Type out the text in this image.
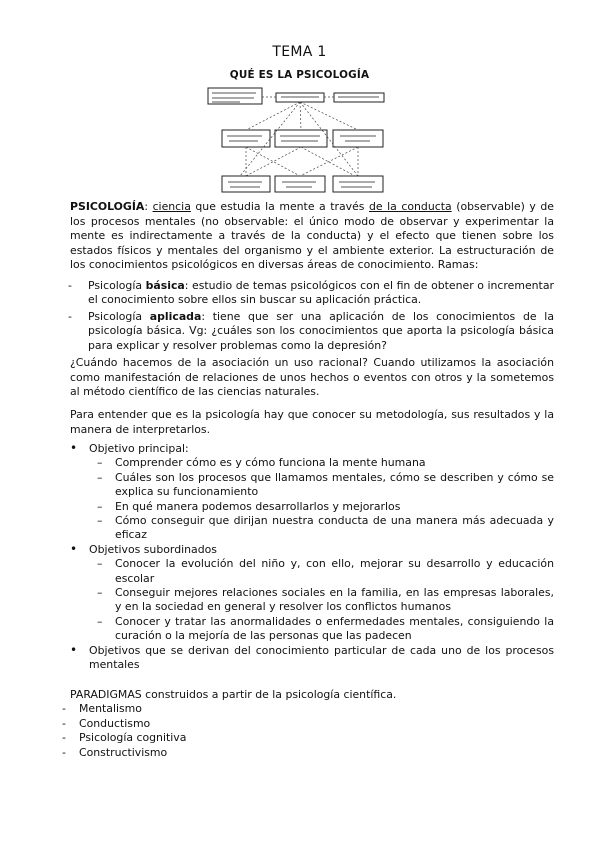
TEMA 1
QUÉ ES LA PSICOLOGÍA
PSICOLOGÍA: ciencia que estudia la mente a través de la conducta (observable) y de los procesos mentales (no observable: el único modo de observar y experimentar la mente es indirectamente a través de la conducta) y el efecto que tienen sobre los estados físicos y mentales del organismo y el ambiente exterior. La estructuración de los conocimientos psicológicos en diversas áreas de conocimiento. Ramas:
- Psicología básica: estudio de temas psicológicos con el fin de obtener o incrementar el conocimiento sobre ellos sin buscar su aplicación práctica.
- Psicología aplicada: tiene que ser una aplicación de los conocimientos de la psicología básica. Vg: ¿cuáles son los conocimientos que aporta la psicología básica para explicar y resolver problemas como la depresión?
¿Cuándo hacemos de la asociación un uso racional? Cuando utilizamos la asociación como manifestación de relaciones de unos hechos o eventos con otros y la sometemos al método científico de las ciencias naturales.
Para entender que es la psicología hay que conocer su metodología, sus resultados y la manera de interpretarlos.
• Objetivo principal:
– Comprender cómo es y cómo funciona la mente humana
– Cuáles son los procesos que llamamos mentales, cómo se describen y cómo se explica su funcionamiento
– En qué manera podemos desarrollarlos y mejorarlos
– Cómo conseguir que dirijan nuestra conducta de una manera más adecuada y eficaz
• Objetivos subordinados
– Conocer la evolución del niño y, con ello, mejorar su desarrollo y educación escolar
– Conseguir mejores relaciones sociales en la familia, en las empresas laborales, y en la sociedad en general y resolver los conflictos humanos
– Conocer y tratar las anormalidades o enfermedades mentales, consiguiendo la curación o la mejoría de las personas que las padecen
• Objetivos que se derivan del conocimiento particular de cada uno de los procesos mentales
PARADIGMAS construidos a partir de la psicología científica.
- Mentalismo
- Conductismo
- Psicología cognitiva
- Constructivismo
